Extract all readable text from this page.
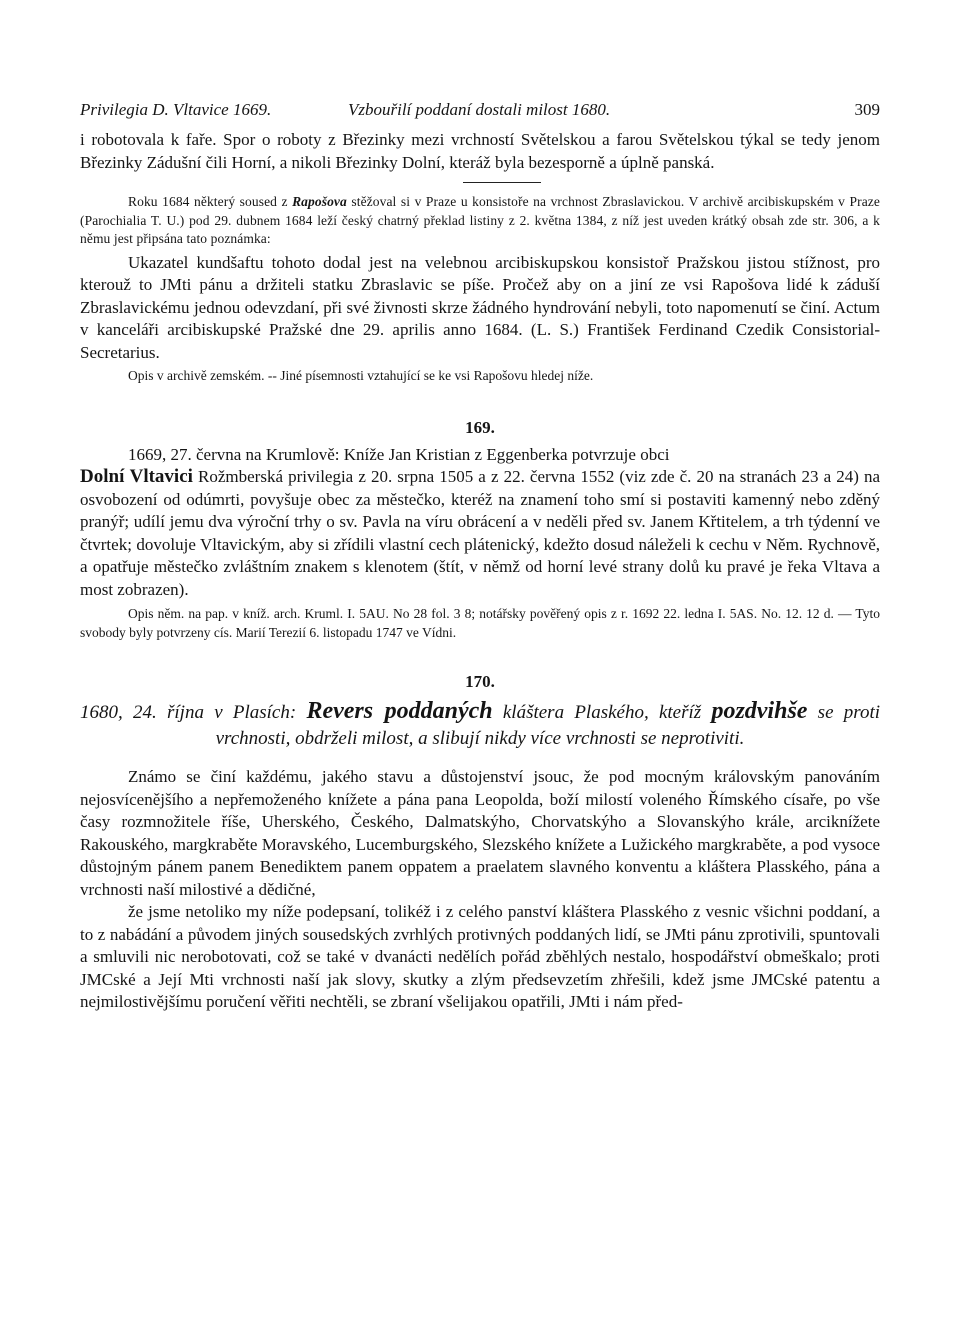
Privilegia D. Vltavice 1669.	Vzbouřilí poddaní dostali milost 1680.	309

i robotovala k faře. Spor o roboty z Březinky mezi vrchností Světelskou a farou Světelskou týkal se tedy jenom Březinky Zádušní čili Horní, a nikoli Březinky Dolní, kteráž byla bezesporně a úplně panská.

Roku 1684 některý soused z Rapošova stěžoval si v Praze u konsistoře na vrchnost Zbraslavickou. V archivě arcibiskupském v Praze (Parochialia T. U.) pod 29. dubnem 1684 leží český chatrný překlad listiny z 2. května 1384, z níž jest uveden krátký obsah zde str. 306, a k němu jest připsána tato poznámka:

Ukazatel kundšaftu tohoto dodal jest na velebnou arcibiskupskou konsistoř Pražskou jistou stížnost, pro kterouž to JMti pánu a držiteli statku Zbraslavic se píše. Pročež aby on a jiní ze vsi Rapošova lidé k záduší Zbraslavickému jednou odevzdaní, při své živnosti skrze žádného hyndrování nebyli, toto napomenutí se činí. Actum v kanceláři arcibiskupské Pražské dne 29. aprilis anno 1684. (L. S.) František Ferdinand Czedik Consistorial-Secretarius.

Opis v archivě zemském. -- Jiné písemnosti vztahující se ke vsi Rapošovu hledej níže.

169.

1669, 27. června na Krumlově: Kníže Jan Kristian z Eggenberka potvrzuje obci
Dolní Vltavici Rožmberská privilegia z 20. srpna 1505 a z 22. června 1552 (viz zde č. 20 na stranách 23 a 24) na osvobození od odúmrti, povyšuje obec za městečko, kteréž na znamení toho smí si postaviti kamenný nebo zděný pranýř; udílí jemu dva výroční trhy o sv. Pavla na víru obrácení a v neděli před sv. Janem Křtitelem, a trh týdenní ve čtvrtek; dovoluje Vltavickým, aby si zřídili vlastní cech plátenický, kdežto dosud náleželi k cechu v Něm. Rychnově, a opatřuje městečko zvláštním znakem s klenotem (štít, v němž od horní levé strany dolů ku pravé je řeka Vltava a most zobrazen).

Opis něm. na pap. v kníž. arch. Kruml. I. 5AU. No 28 fol. 3 8; notářsky pověřený opis z r. 1692 22. ledna I. 5AS. No. 12. 12 d. — Tyto svobody byly potvrzeny cís. Marií Terezií 6. listopadu 1747 ve Vídni.

170.

1680, 24. října v Plasích: Revers poddaných kláštera Plaského, kteříž pozdvihše se proti vrchnosti, obdrželi milost, a slibují nikdy více vrchnosti se neprotiviti.

Známo se činí každému, jakého stavu a důstojenství jsouc, že pod mocným královským panováním nejosvícenějšího a nepřemoženého knížete a pána pana Leopolda, boží milostí voleného Římského císaře, po vše časy rozmnožitele říše, Uherského, Českého, Dalmatskýho, Chorvatskýho a Slovanskýho krále, arciknížete Rakouského, margkraběte Moravského, Lucemburgského, Slezského knížete a Lužického margkraběte, a pod vysoce důstojným pánem panem Benediktem panem oppatem a praelatem slavného konventu a kláštera Plasského, pána a vrchnosti naší milostivé a dědičné,

že jsme netoliko my níže podepsaní, tolikéž i z celého panství kláštera Plasského z vesnic všichni poddaní, a to z nabádání a původem jiných sousedských zvrhlých protivných poddaných lidí, se JMti pánu zprotivili, spuntovali a smluvili nic nerobotovati, což se také v dvanácti nedělích pořád zběhlých nestalo, hospodářství obmeškalo; proti JMCské a Její Mti vrchnosti naší jak slovy, skutky a zlým předsevzetím zhřešili, kdež jsme JMCské patentu a nejmilostivějšímu poručení věřiti nechtěli, se zbraní všelijakou opatřili, JMti i nám před-
